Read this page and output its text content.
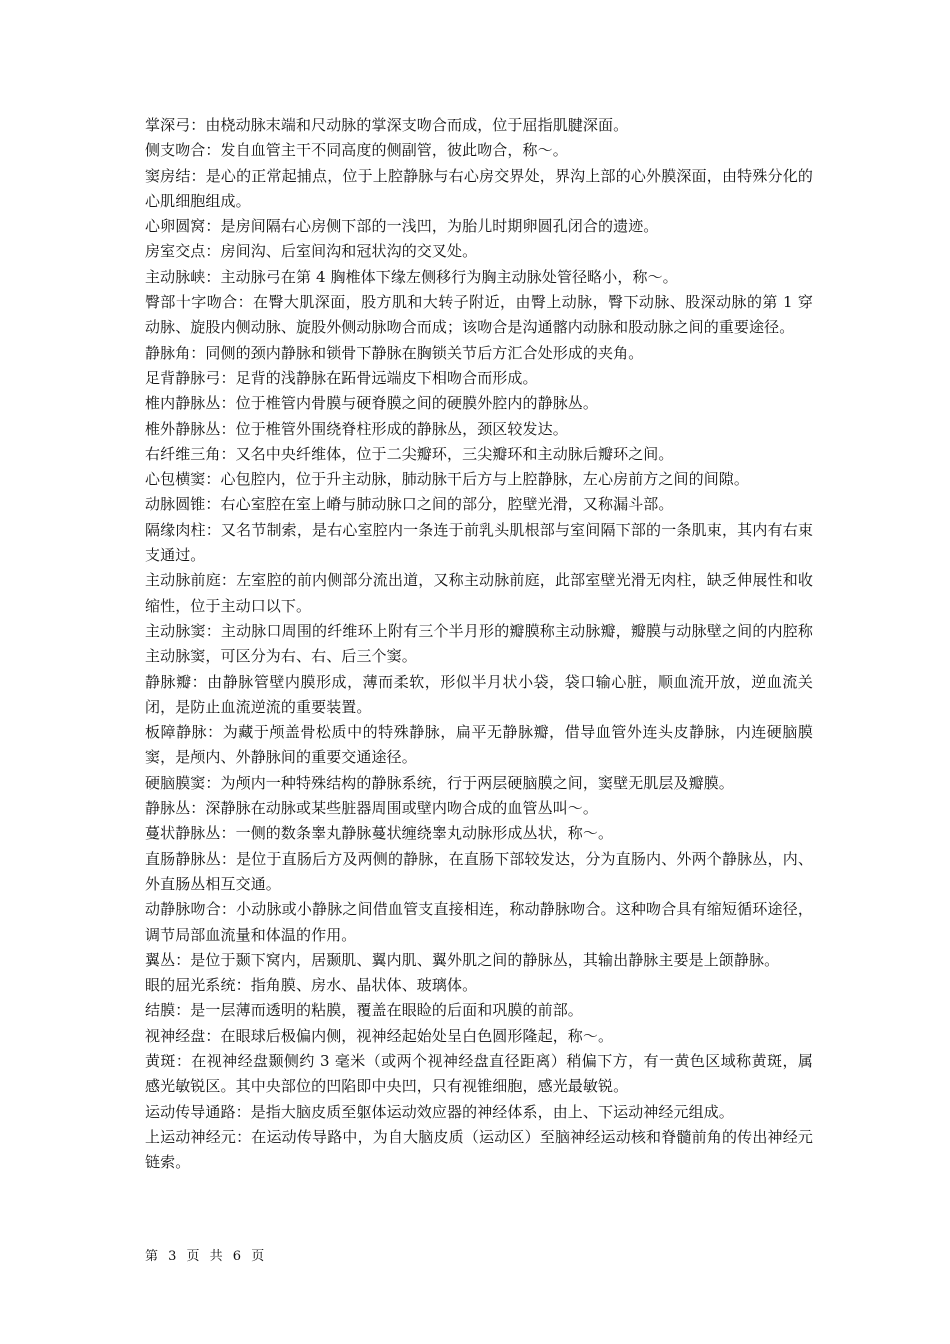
掌深弓：由桡动脉末端和尺动脉的掌深支吻合而成，位于屈指肌腱深面。

侧支吻合：发自血管主干不同高度的侧副管，彼此吻合，称～。

窦房结：是心的正常起捕点，位于上腔静脉与右心房交界处，界沟上部的心外膜深面，由特殊分化的心肌细胞组成。

心卵圆窝：是房间隔右心房侧下部的一浅凹，为胎儿时期卵圆孔闭合的遗迹。

房室交点：房间沟、后室间沟和冠状沟的交叉处。

主动脉峡：主动脉弓在第 4 胸椎体下缘左侧移行为胸主动脉处管径略小，称～。

臀部十字吻合：在臀大肌深面，股方肌和大转子附近，由臀上动脉，臀下动脉、股深动脉的第 1 穿动脉、旋股内侧动脉、旋股外侧动脉吻合而成；该吻合是沟通髂内动脉和股动脉之间的重要途径。

静脉角：同侧的颈内静脉和锁骨下静脉在胸锁关节后方汇合处形成的夹角。

足背静脉弓：足背的浅静脉在跖骨远端皮下相吻合而形成。

椎内静脉丛：位于椎管内骨膜与硬脊膜之间的硬膜外腔内的静脉丛。

椎外静脉丛：位于椎管外围绕脊柱形成的静脉丛，颈区较发达。

右纤维三角：又名中央纤维体，位于二尖瓣环，三尖瓣环和主动脉后瓣环之间。

心包横窦：心包腔内，位于升主动脉，肺动脉干后方与上腔静脉，左心房前方之间的间隙。

动脉圆锥：右心室腔在室上嵴与肺动脉口之间的部分，腔壁光滑，又称漏斗部。

隔缘肉柱：又名节制索，是右心室腔内一条连于前乳头肌根部与室间隔下部的一条肌束，其内有右束支通过。

主动脉前庭：左室腔的前内侧部分流出道，又称主动脉前庭，此部室壁光滑无肉柱，缺乏伸展性和收缩性，位于主动口以下。

主动脉窦：主动脉口周围的纤维环上附有三个半月形的瓣膜称主动脉瓣，瓣膜与动脉壁之间的内腔称主动脉窦，可区分为右、右、后三个窦。

静脉瓣：由静脉管壁内膜形成，薄而柔软，形似半月状小袋，袋口输心脏，顺血流开放，逆血流关闭，是防止血流逆流的重要装置。

板障静脉：为藏于颅盖骨松质中的特殊静脉，扁平无静脉瓣，借导血管外连头皮静脉，内连硬脑膜窦，是颅内、外静脉间的重要交通途径。

硬脑膜窦：为颅内一种特殊结构的静脉系统，行于两层硬脑膜之间，窦壁无肌层及瓣膜。

静脉丛：深静脉在动脉或某些脏器周围或壁内吻合成的血管丛叫～。

蔓状静脉丛：一侧的数条睾丸静脉蔓状缠绕睾丸动脉形成丛状，称～。

直肠静脉丛：是位于直肠后方及两侧的静脉，在直肠下部较发达，分为直肠内、外两个静脉丛，内、外直肠丛相互交通。

动静脉吻合：小动脉或小静脉之间借血管支直接相连，称动静脉吻合。这种吻合具有缩短循环途径，调节局部血流量和体温的作用。

翼丛：是位于颞下窝内，居颞肌、翼内肌、翼外肌之间的静脉丛，其输出静脉主要是上颌静脉。

眼的屈光系统：指角膜、房水、晶状体、玻璃体。

结膜：是一层薄而透明的粘膜，覆盖在眼睑的后面和巩膜的前部。

视神经盘：在眼球后极偏内侧，视神经起始处呈白色圆形隆起，称～。

黄斑：在视神经盘颞侧约 3 毫米（或两个视神经盘直径距离）稍偏下方，有一黄色区域称黄斑，属感光敏锐区。其中央部位的凹陷即中央凹，只有视锥细胞，感光最敏锐。

运动传导通路：是指大脑皮质至躯体运动效应器的神经体系，由上、下运动神经元组成。

上运动神经元：在运动传导路中，为自大脑皮质（运动区）至脑神经运动核和脊髓前角的传出神经元链索。

第 3 页 共 6 页
